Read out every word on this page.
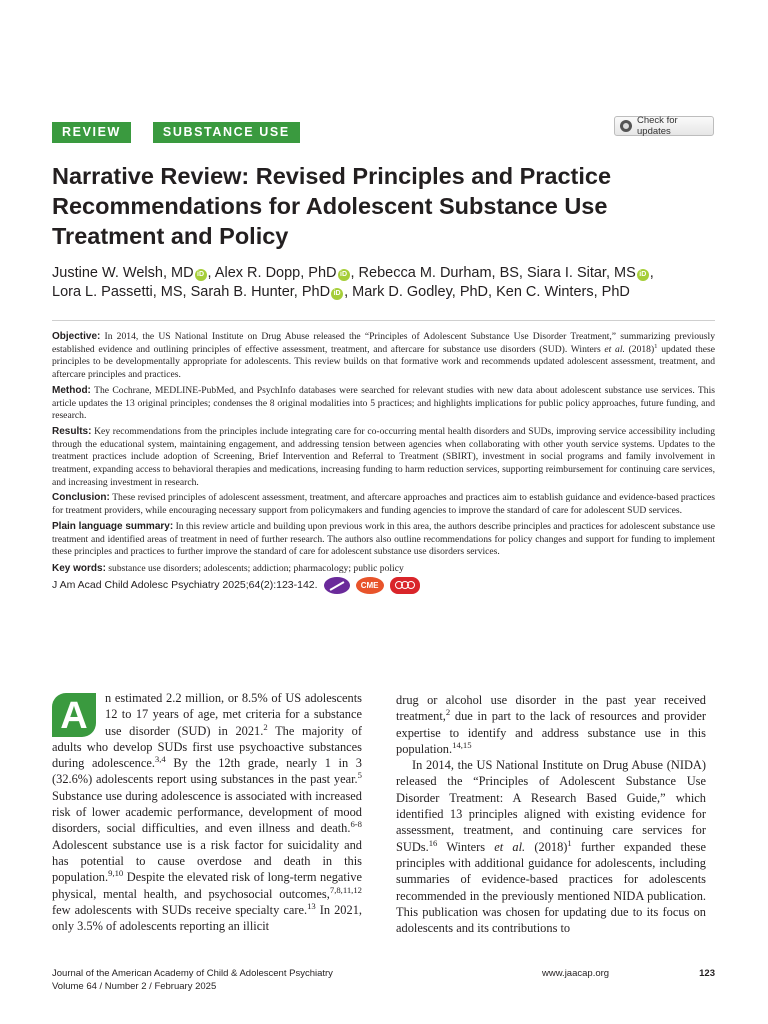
REVIEW	SUBSTANCE USE
Check for updates
Narrative Review: Revised Principles and Practice Recommendations for Adolescent Substance Use Treatment and Policy

Justine W. Welsh, MD iD , Alex R. Dopp, PhD iD , Rebecca M. Durham, BS, Siara I. Sitar, MS iD ,
Lora L. Passetti, MS, Sarah B. Hunter, PhD iD , Mark D. Godley, PhD, Ken C. Winters, PhD

Objective: In 2014, the US National Institute on Drug Abuse released the “Principles of Adolescent Substance Use Disorder Treatment,” summarizing previously established evidence and outlining principles of effective assessment, treatment, and aftercare for substance use disorders (SUD). Winters et al. $(2018)^1$ updated these principles to be developmentally appropriate for adolescents. This review builds on that formative work and recommends updated adolescent assessment, treatment, and aftercare principles and practices.

Method: The Cochrane, MEDLINE-PubMed, and PsychInfo databases were searched for relevant studies with new data about adolescent substance use services. This article updates the 13 original principles; condenses the 8 original modalities into 5 practices; and highlights implications for public policy approaches, future funding, and research.

Results: Key recommendations from the principles include integrating care for co-occurring mental health disorders and SUDs, improving service accessibility including through the educational system, maintaining engagement, and addressing tension between agencies when collaborating with other youth service systems. Updates to the treatment practices include adoption of Screening, Brief Intervention and Referral to Treatment (SBIRT), investment in social programs and family involvement in treatment, expanding access to behavioral therapies and medications, increasing funding to harm reduction services, supporting reimbursement for continuing care services, and increasing investment in research.

Conclusion: These revised principles of adolescent assessment, treatment, and aftercare approaches and practices aim to establish guidance and evidence-based practices for treatment providers, while encouraging necessary support from policymakers and funding agencies to improve the standard of care for adolescent SUD services.

Plain language summary: In this review article and building upon previous work in this area, the authors describe principles and practices for adolescent substance use treatment and identified areas of treatment in need of further research. The authors also outline recommendations for policy changes and support for funding to implement these principles and practices to further improve the standard of care for adolescent substance use disorders services.

Key words: substance use disorders; adolescents; addiction; pharmacology; public policy

J Am Acad Child Adolesc Psychiatry 2025;64(2):123-142.	CME

A	n estimated 2.2 million, or 8.5% of US adolescents 12 to 17 years of age, met criteria for a substance use disorder (SUD) in 2021.$^2$ The majority of adults who develop SUDs first use psychoactive substances during adolescence.$^{3,4}$ By the 12th grade, nearly 1 in 3 (32.6%) adolescents report using substances in the past year.$^5$ Substance use during adolescence is associated with increased risk of lower academic performance, development of mood disorders, social difficulties, and even illness and death.$^{6-8}$ Adolescent substance use is a risk factor for suicidality and has potential to cause overdose and death in this population.$^{9,10}$ Despite the elevated risk of long-term negative physical, mental health, and psychosocial outcomes,$^{7,8,11,12}$ few adolescents with SUDs receive specialty care.$^{13}$ In 2021, only 3.5% of adolescents reporting an illicit

drug or alcohol use disorder in the past year received treatment,$^2$ due in part to the lack of resources and provider expertise to identify and address substance use in this population.$^{14,15}$

In 2014, the US National Institute on Drug Abuse (NIDA) released the “Principles of Adolescent Substance Use Disorder Treatment: A Research Based Guide,” which identified 13 principles aligned with existing evidence for assessment, treatment, and continuing care services for SUDs.$^{16}$ Winters et al. $(2018)^1$ further expanded these principles with additional guidance for adolescents, including summaries of evidence-based practices for adolescents recommended in the previously mentioned NIDA publication. This publication was chosen for updating due to its focus on adolescents and its contributions to

Journal of the American Academy of Child & Adolescent Psychiatry
Volume 64 / Number 2 / February 2025
www.jaacap.org	123
